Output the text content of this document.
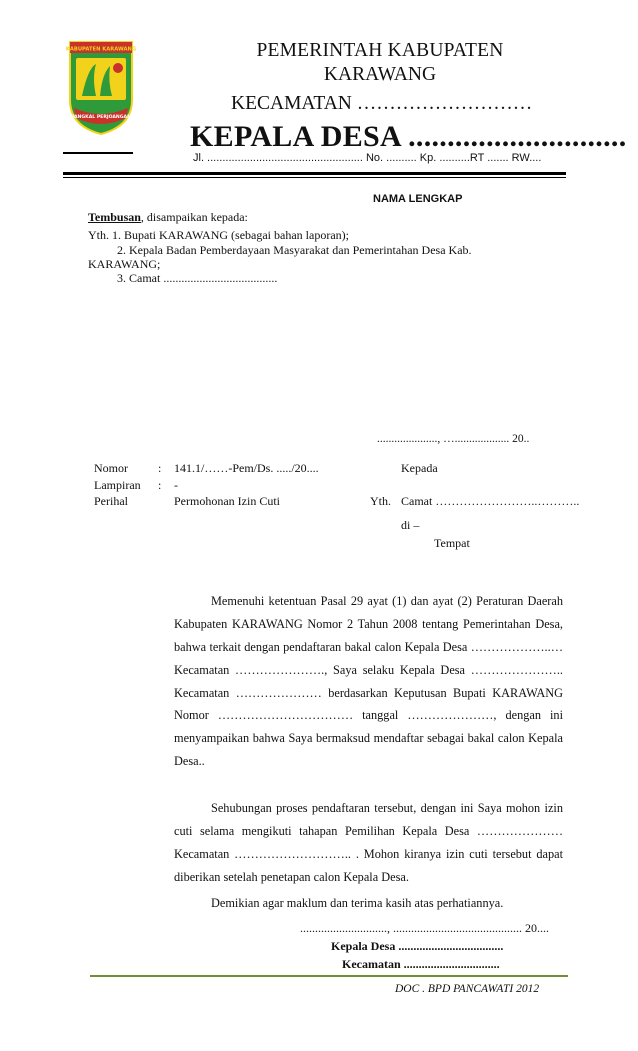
KABUPATEN KARAWANG
PANGKAL PERJOANGAN
PEMERINTAH KABUPATEN
KARAWANG
KECAMATAN ………………………
KEPALA DESA ............................
Jl. ................................................... No. .......... Kp. ..........RT ....... RW....
NAMA LENGKAP
Tembusan, disampaikan kepada:
Yth. 1. Bupati KARAWANG (sebagai bahan laporan);
2. Kepala Badan Pemberdayaan Masyarakat dan Pemerintahan Desa Kab.
KARAWANG;
3. Camat ......................................
....................., …................... 20..
Nomor
Lampiran
Perihal
:
:
141.1/……-Pem/Ds. ...../20....
-
Permohonan Izin Cuti
Kepada
Yth. Camat ……………………..………..
di –
Tempat
Memenuhi ketentuan Pasal 29 ayat (1) dan ayat (2) Peraturan Daerah
Kabupaten KARAWANG Nomor 2 Tahun 2008 tentang Pemerintahan Desa,
bahwa terkait dengan pendaftaran bakal calon Kepala Desa ………………..…
Kecamatan …………………., Saya selaku Kepala Desa …………………..
Kecamatan ………………… berdasarkan Keputusan Bupati KARAWANG
Nomor …………………………… tanggal …………………, dengan ini
menyampaikan bahwa Saya bermaksud mendaftar sebagai bakal calon Kepala
Desa..
Sehubungan proses pendaftaran tersebut, dengan ini Saya mohon izin
cuti selama mengikuti tahapan Pemilihan Kepala Desa …………………
Kecamatan ……………………….. . Mohon kiranya izin cuti tersebut dapat
diberikan setelah penetapan calon Kepala Desa.
Demikian agar maklum dan terima kasih atas perhatiannya.
............................., ........................................... 20....
Kepala Desa ...................................
Kecamatan ................................
DOC . BPD PANCAWATI 2012
